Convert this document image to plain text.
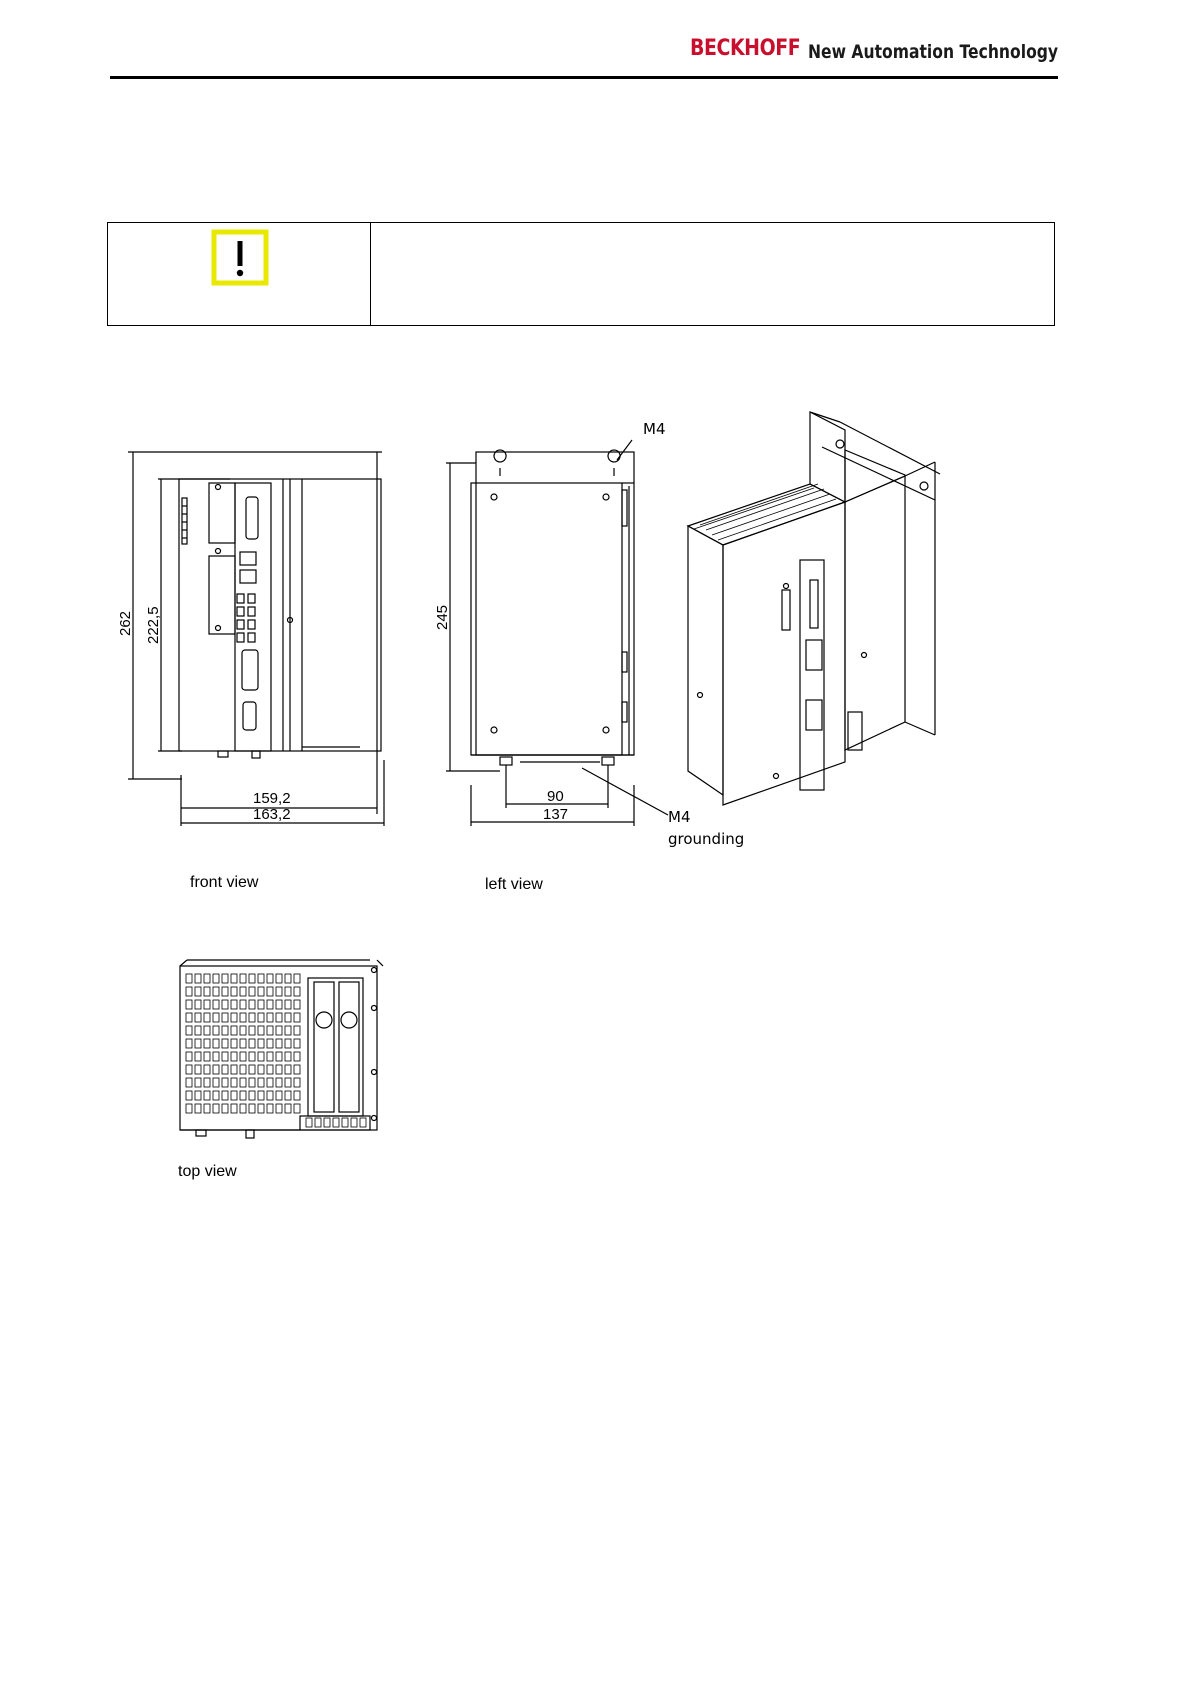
BECKHOFF New Automation Technology
262 222,5
159,2
163,2
245
90
137
M4
M4
grounding
front view	left view
top view
